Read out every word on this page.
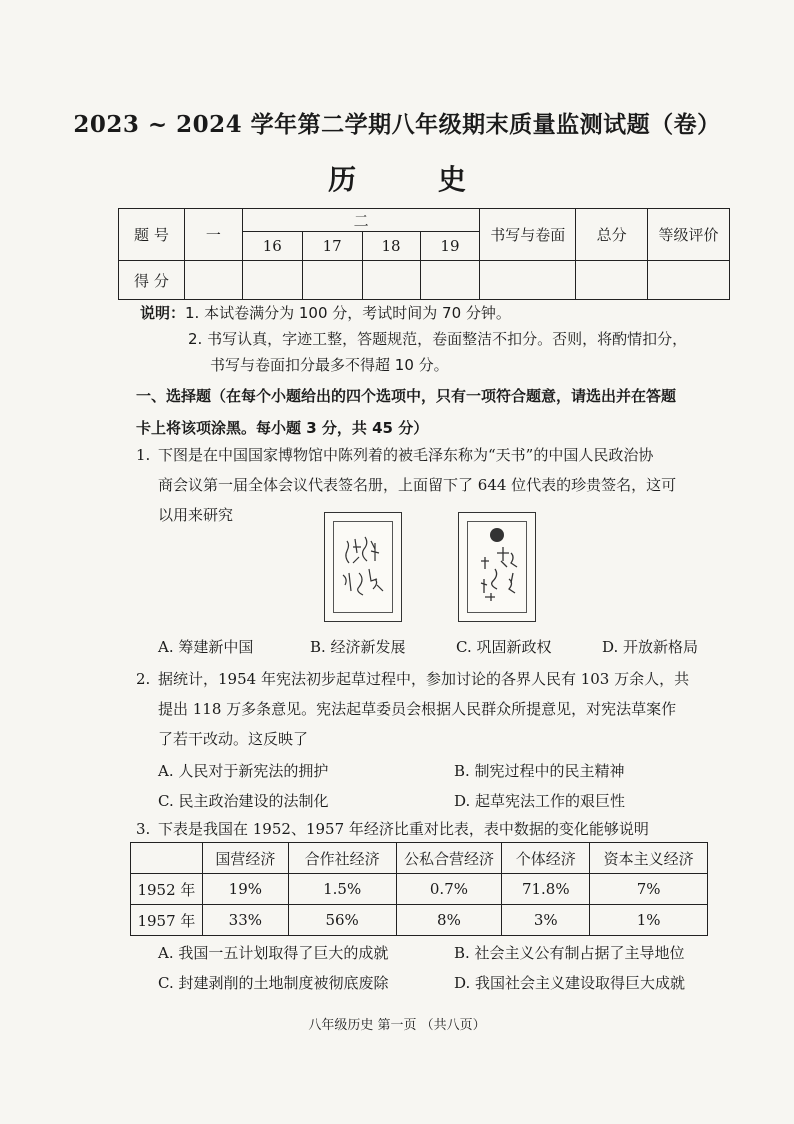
2023 ~ 2024 学年第二学期八年级期末质量监测试题（卷）
历 史
题 号	一	二				书写与卷面	总分	等级评价
		16	17	18	19			
得 分								
说明：1. 本试卷满分为 100 分，考试时间为 70 分钟。
2. 书写认真，字迹工整，答题规范，卷面整洁不扣分。否则，将酌情扣分，
书写与卷面扣分最多不得超 10 分。
一、选择题（在每个小题给出的四个选项中，只有一项符合题意，请选出并在答题
卡上将该项涂黑。每小题 3 分，共 45 分）
1. 下图是在中国国家博物馆中陈列着的被毛泽东称为“天书”的中国人民政治协
商会议第一届全体会议代表签名册，上面留下了 644 位代表的珍贵签名，这可
以用来研究
A. 筹建新中国	B. 经济新发展	C. 巩固新政权	D. 开放新格局
2. 据统计，1954 年宪法初步起草过程中，参加讨论的各界人民有 103 万余人，共
提出 118 万多条意见。宪法起草委员会根据人民群众所提意见，对宪法草案作
了若干改动。这反映了
A. 人民对于新宪法的拥护	B. 制宪过程中的民主精神
C. 民主政治建设的法制化	D. 起草宪法工作的艰巨性
3. 下表是我国在 1952、1957 年经济比重对比表，表中数据的变化能够说明
	国营经济	合作社经济	公私合营经济	个体经济	资本主义经济
1952 年	19%	1.5%	0.7%	71.8%	7%
1957 年	33%	56%	8%	3%	1%
A. 我国一五计划取得了巨大的成就	B. 社会主义公有制占据了主导地位
C. 封建剥削的土地制度被彻底废除	D. 我国社会主义建设取得巨大成就
八年级历史 第一页 （共八页）
